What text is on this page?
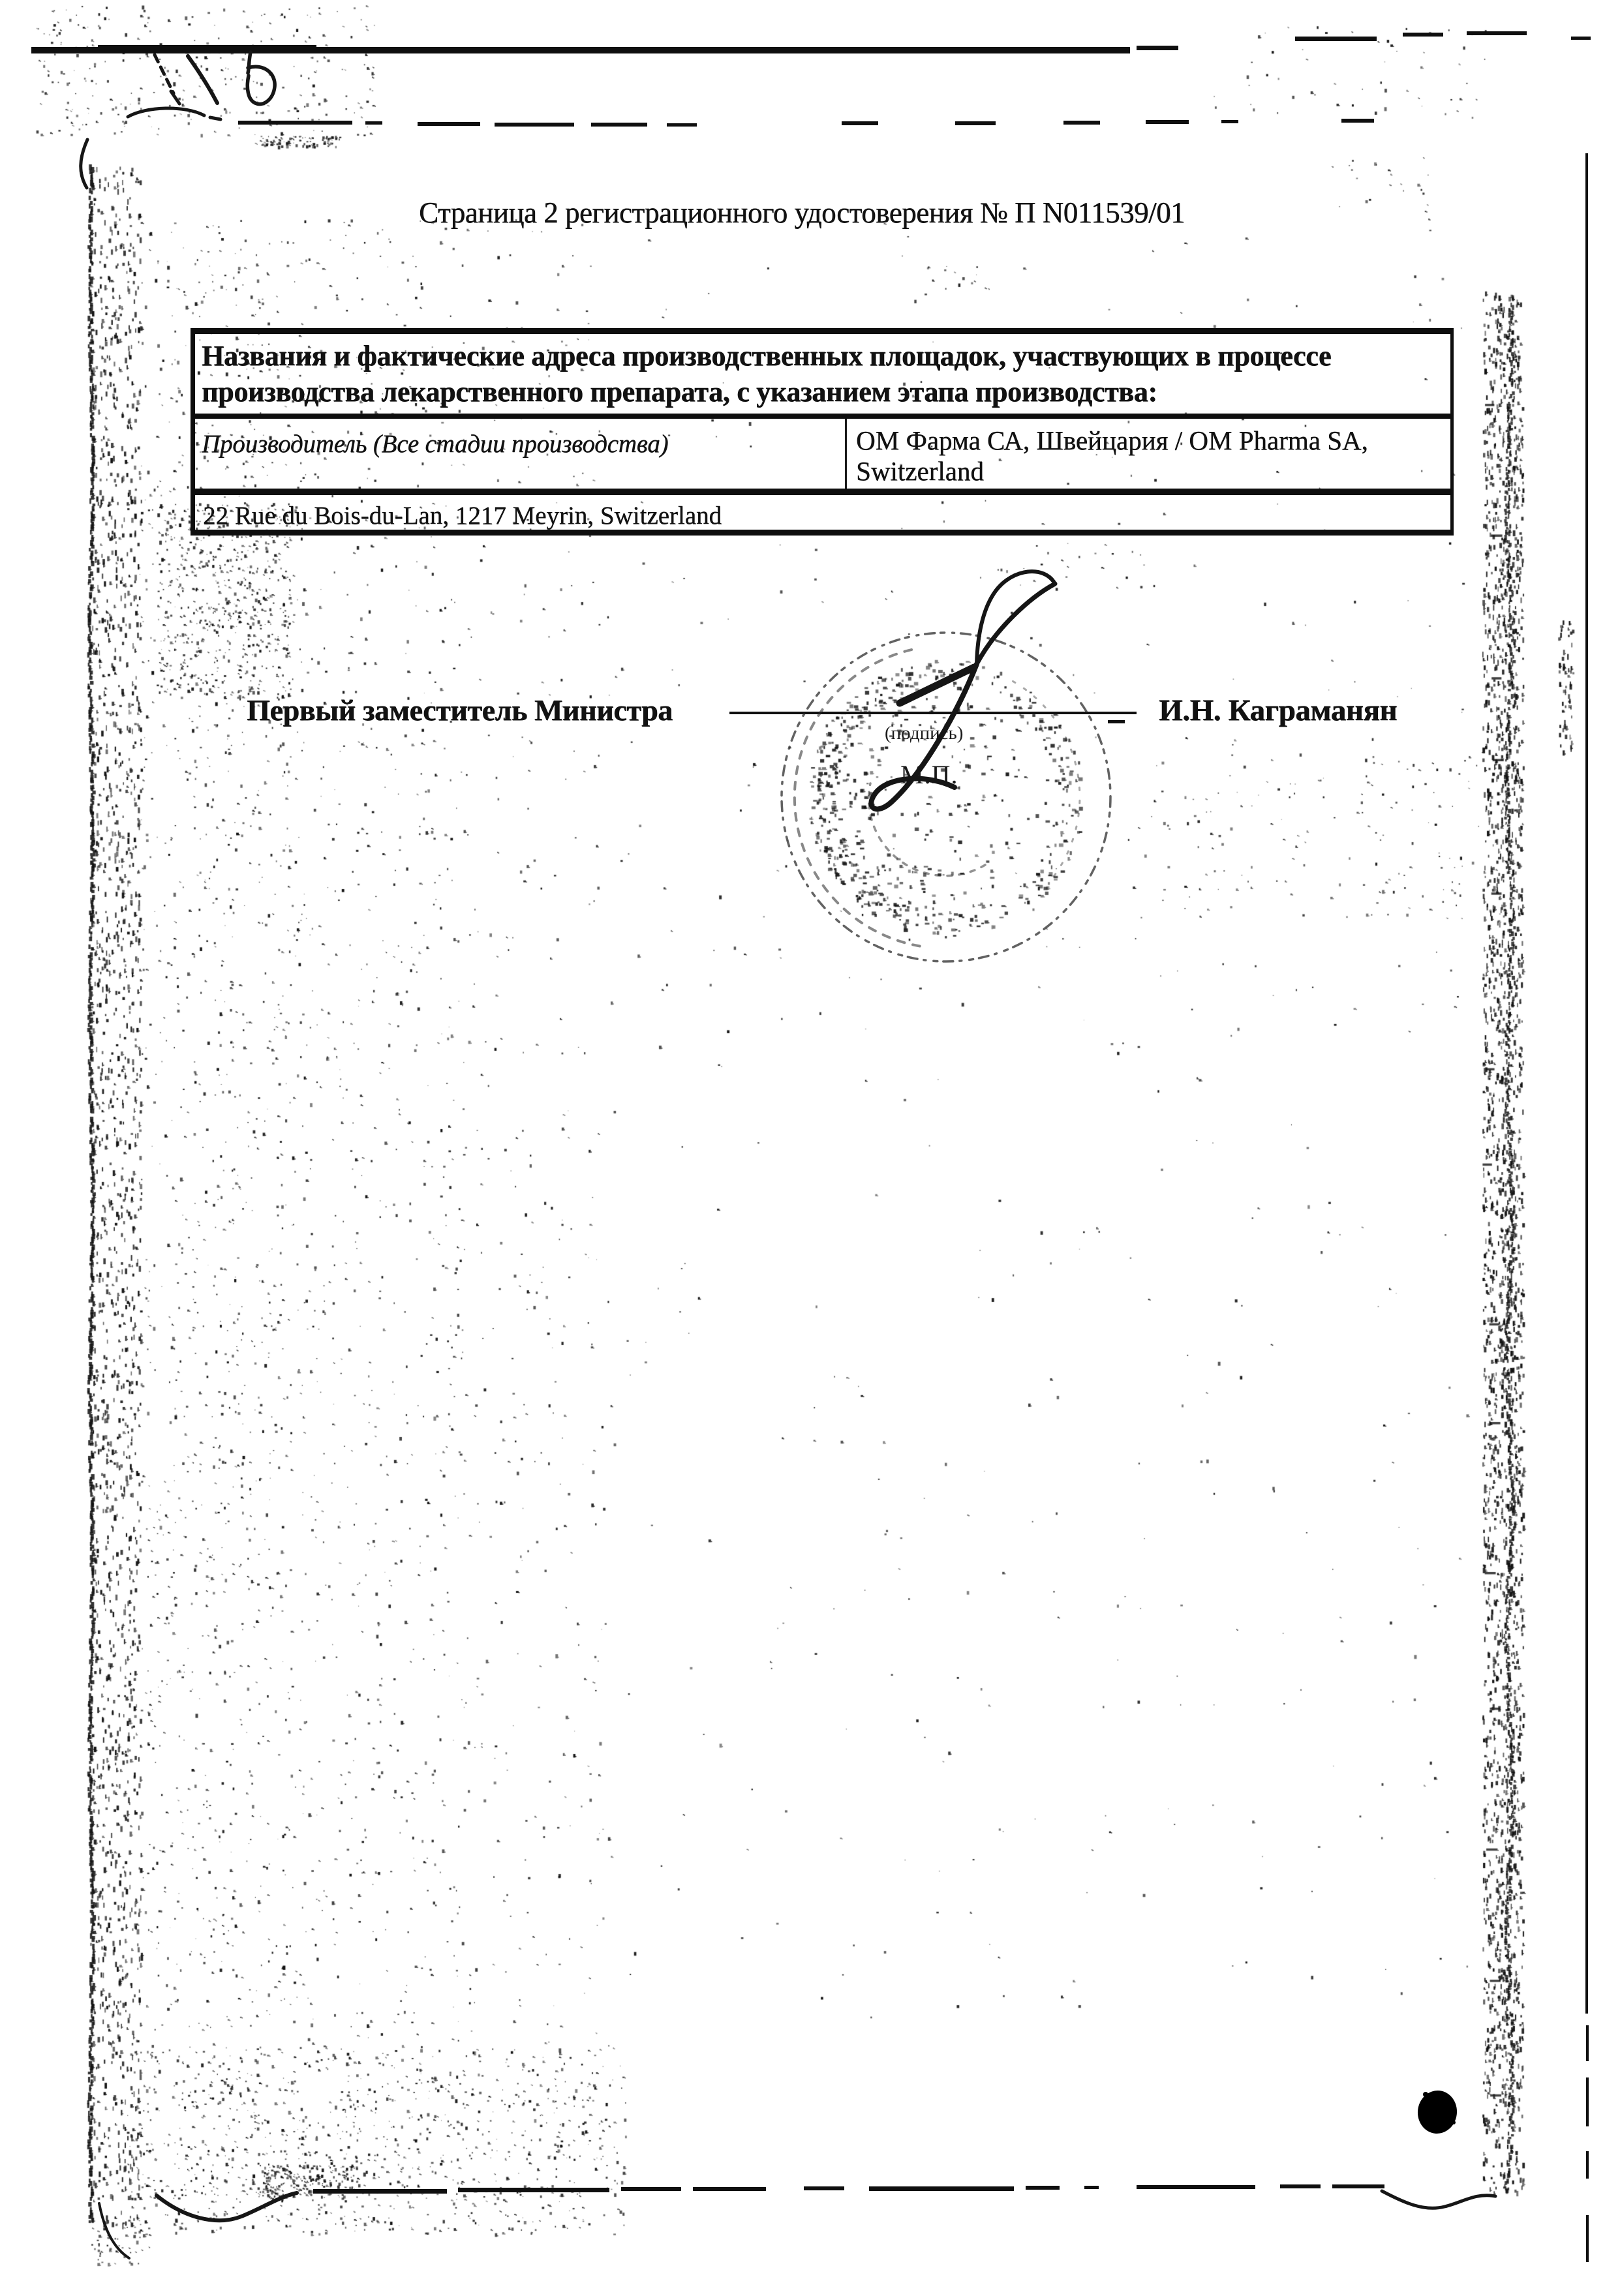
Страница 2 регистрационного удостоверения № П N011539/01
Названия и фактические адреса производственных площадок, участвующих в процессе производства лекарственного препарата, с указанием этапа производства:
Производитель (Все стадии производства)	ОМ Фарма СА, Швейцария / ОМ Pharma SA, Switzerland
22 Rue du Bois-du-Lan, 1217 Meyrin, Switzerland
Первый заместитель Министра	И.Н. Каграманян
(подпись)
М.П.
